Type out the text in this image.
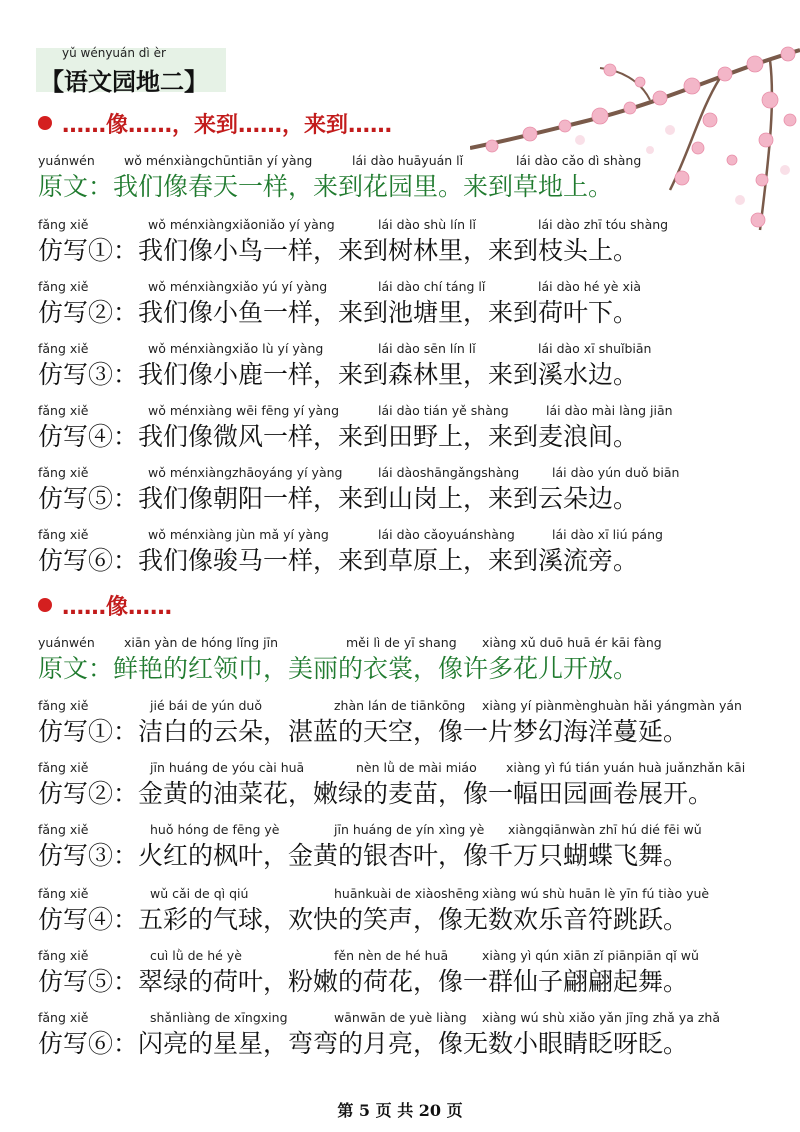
yǔ wényuán dì èr
【语文园地二】
……像……，来到……，来到……
yuánwén wǒ ménxiàngchūntiān yí yàng	lái dào huāyuán lǐ	lái dào cǎo dì shàng
原文：我们像春天一样，来到花园里。来到草地上。
fǎng xiě	wǒ ménxiàngxiǎoniǎo yí yàng	lái dào shù lín lǐ	lái dào zhī tóu shàng
仿写①：我们像小鸟一样，来到树林里，来到枝头上。
fǎng xiě	wǒ ménxiàngxiǎo yú yí yàng	lái dào chí táng lǐ	lái dào hé yè xià
仿写②：我们像小鱼一样，来到池塘里，来到荷叶下。
fǎng xiě	wǒ ménxiàngxiǎo lù yí yàng	lái dào sēn lín lǐ	lái dào xī shuǐbiān
仿写③：我们像小鹿一样，来到森林里，来到溪水边。
fǎng xiě	wǒ ménxiàng wēi fēng yí yàng	lái dào tián yě shàng	lái dào mài làng jiān
仿写④：我们像微风一样，来到田野上，来到麦浪间。
fǎng xiě	wǒ ménxiàngzhāoyáng yí yàng	lái dàoshāngǎngshàng	lái dào yún duǒ biān
仿写⑤：我们像朝阳一样，来到山岗上，来到云朵边。
fǎng xiě	wǒ ménxiàng jùn mǎ yí yàng	lái dào cǎoyuánshàng	lái dào xī liú páng
仿写⑥：我们像骏马一样，来到草原上，来到溪流旁。
……像……
yuánwén xiān yàn de hóng lǐng jīn	měi lì de yī shang xiàng xǔ duō huā ér kāi fàng
原文：鲜艳的红领巾，美丽的衣裳，像许多花儿开放。
fǎng xiě	jié bái de yún duǒ	zhàn lán de tiānkōng xiàng yí piànmènghuàn hǎi yángmàn yán
仿写①：洁白的云朵，湛蓝的天空，像一片梦幻海洋蔓延。
fǎng xiě	jīn huáng de yóu cài huā	nèn lǜ de mài miáo xiàng yì fú tián yuán huà juǎnzhǎn kāi
仿写②：金黄的油菜花，嫩绿的麦苗，像一幅田园画卷展开。
fǎng xiě	huǒ hóng de fēng yè	jīn huáng de yín xìng yè xiàngqiānwàn zhī hú dié fēi wǔ
仿写③：火红的枫叶，金黄的银杏叶，像千万只蝴蝶飞舞。
fǎng xiě	wǔ cǎi de qì qiú	huānkuài de xiàoshēng xiàng wú shù huān lè yīn fú tiào yuè
仿写④：五彩的气球，欢快的笑声，像无数欢乐音符跳跃。
fǎng xiě	cuì lǜ de hé yè	fěn nèn de hé huā	xiàng yì qún xiān zǐ piānpiān qǐ wǔ
仿写⑤：翠绿的荷叶，粉嫩的荷花，像一群仙子翩翩起舞。
fǎng xiě	shǎnliàng de xīngxing	wānwān de yuè liàng xiàng wú shù xiǎo yǎn jīng zhǎ ya zhǎ
仿写⑥：闪亮的星星，弯弯的月亮，像无数小眼睛眨呀眨。
第 5 页 共 20 页
